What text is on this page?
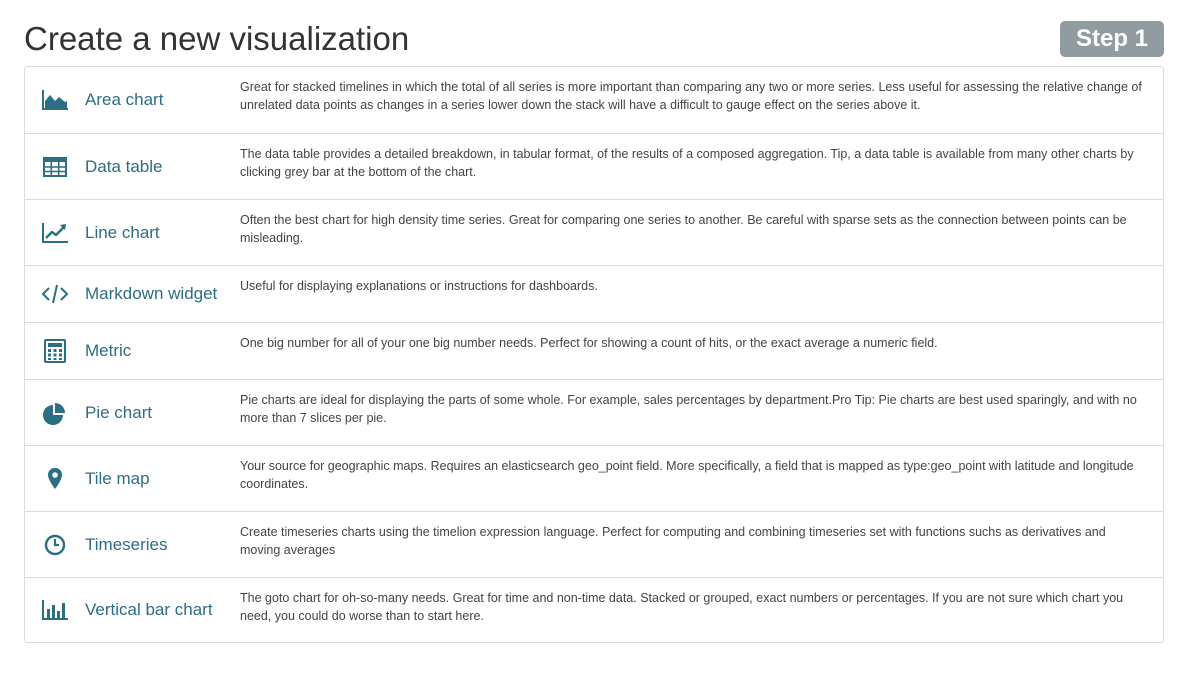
Create a new visualization	Step 1
Area chart
Great for stacked timelines in which the total of all series is more important than comparing any two or more series. Less useful for assessing the relative change of unrelated data points as changes in a series lower down the stack will have a difficult to gauge effect on the series above it.
Data table
The data table provides a detailed breakdown, in tabular format, of the results of a composed aggregation. Tip, a data table is available from many other charts by clicking grey bar at the bottom of the chart.
Line chart
Often the best chart for high density time series. Great for comparing one series to another. Be careful with sparse sets as the connection between points can be misleading.
Markdown widget Useful for displaying explanations or instructions for dashboards.
Metric	One big number for all of your one big number needs. Perfect for showing a count of hits, or the exact average a numeric field.
Pie chart
Pie charts are ideal for displaying the parts of some whole. For example, sales percentages by department.Pro Tip: Pie charts are best used sparingly, and with no more than 7 slices per pie.
Tile map
Your source for geographic maps. Requires an elasticsearch geo_point field. More specifically, a field that is mapped as type:geo_point with latitude and longitude coordinates.
Timeseries
Create timeseries charts using the timelion expression language. Perfect for computing and combining timeseries set with functions suchs as derivatives and moving averages
Vertical bar chart
The goto chart for oh-so-many needs. Great for time and non-time data. Stacked or grouped, exact numbers or percentages. If you are not sure which chart you need, you could do worse than to start here.
